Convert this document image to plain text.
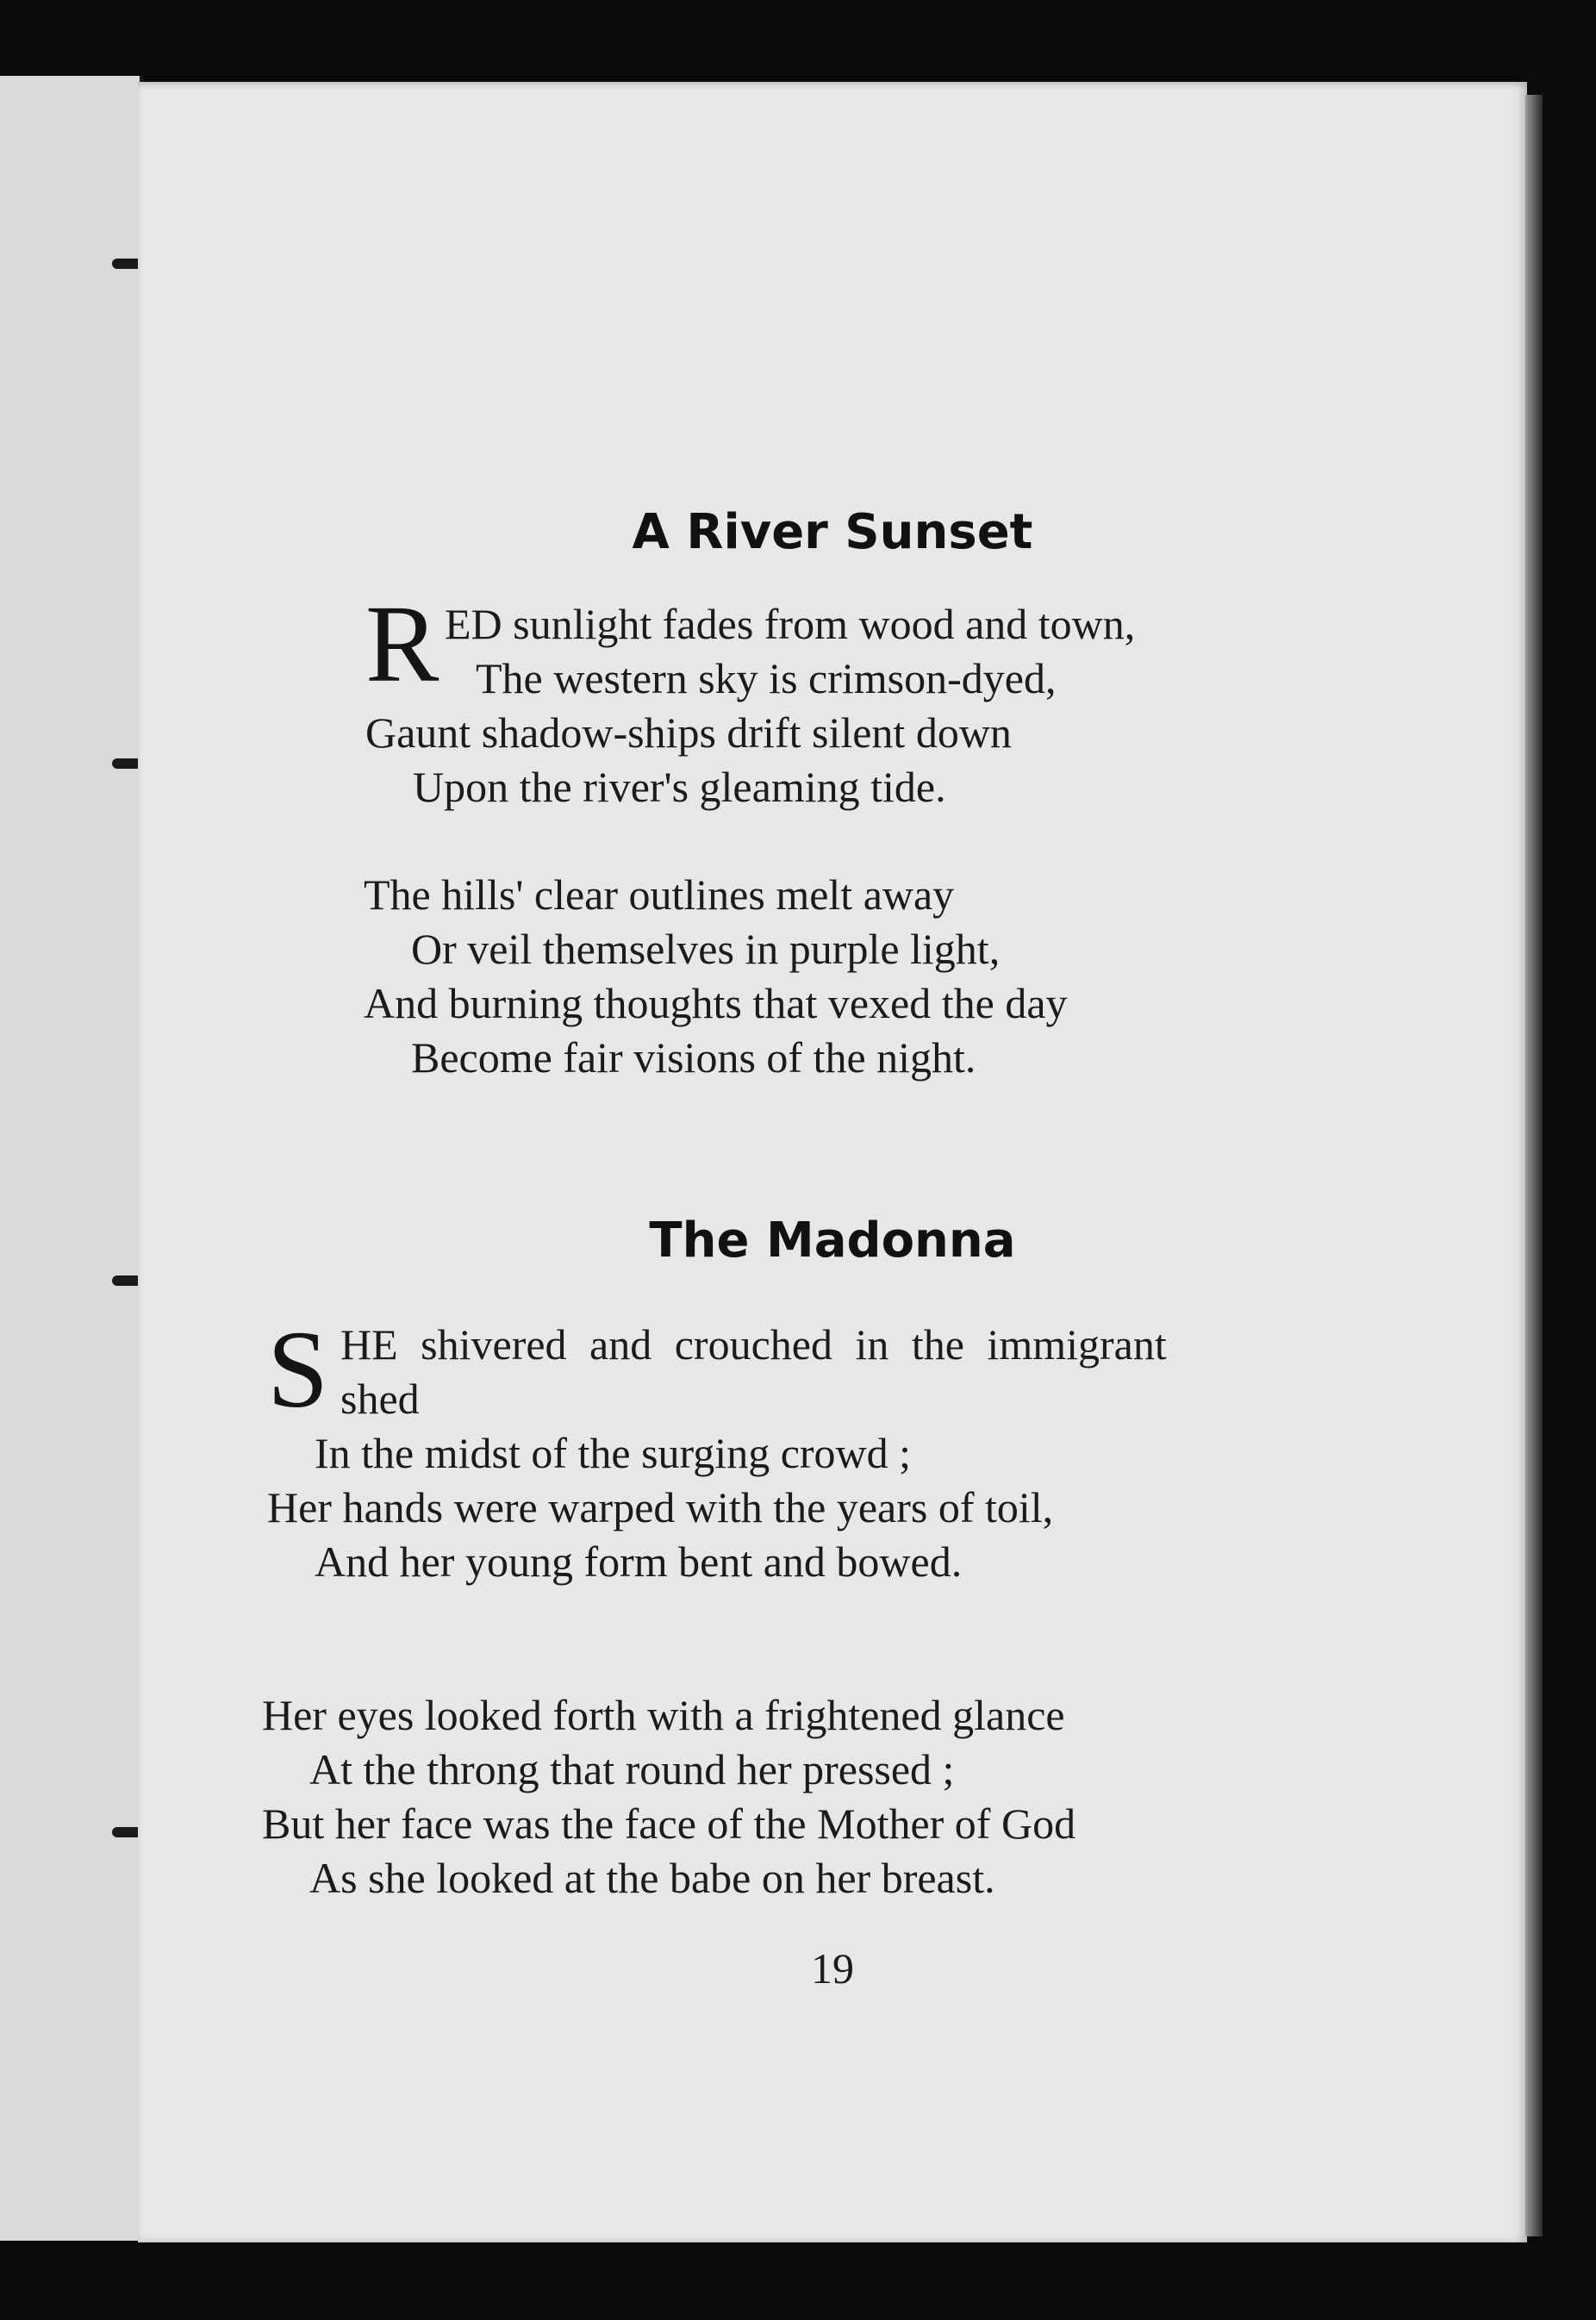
A River Sunset
R ED sunlight fades from wood and town,
The western sky is crimson-dyed,
Gaunt shadow-ships drift silent down
Upon the river's gleaming tide.
The hills' clear outlines melt away
Or veil themselves in purple light,
And burning thoughts that vexed the day
Become fair visions of the night.
The Madonna
S HE shivered and crouched in the immigrant
shed
In the midst of the surging crowd ;
Her hands were warped with the years of toil,
And her young form bent and bowed.
Her eyes looked forth with a frightened glance
At the throng that round her pressed ;
But her face was the face of the Mother of God
As she looked at the babe on her breast.

19
